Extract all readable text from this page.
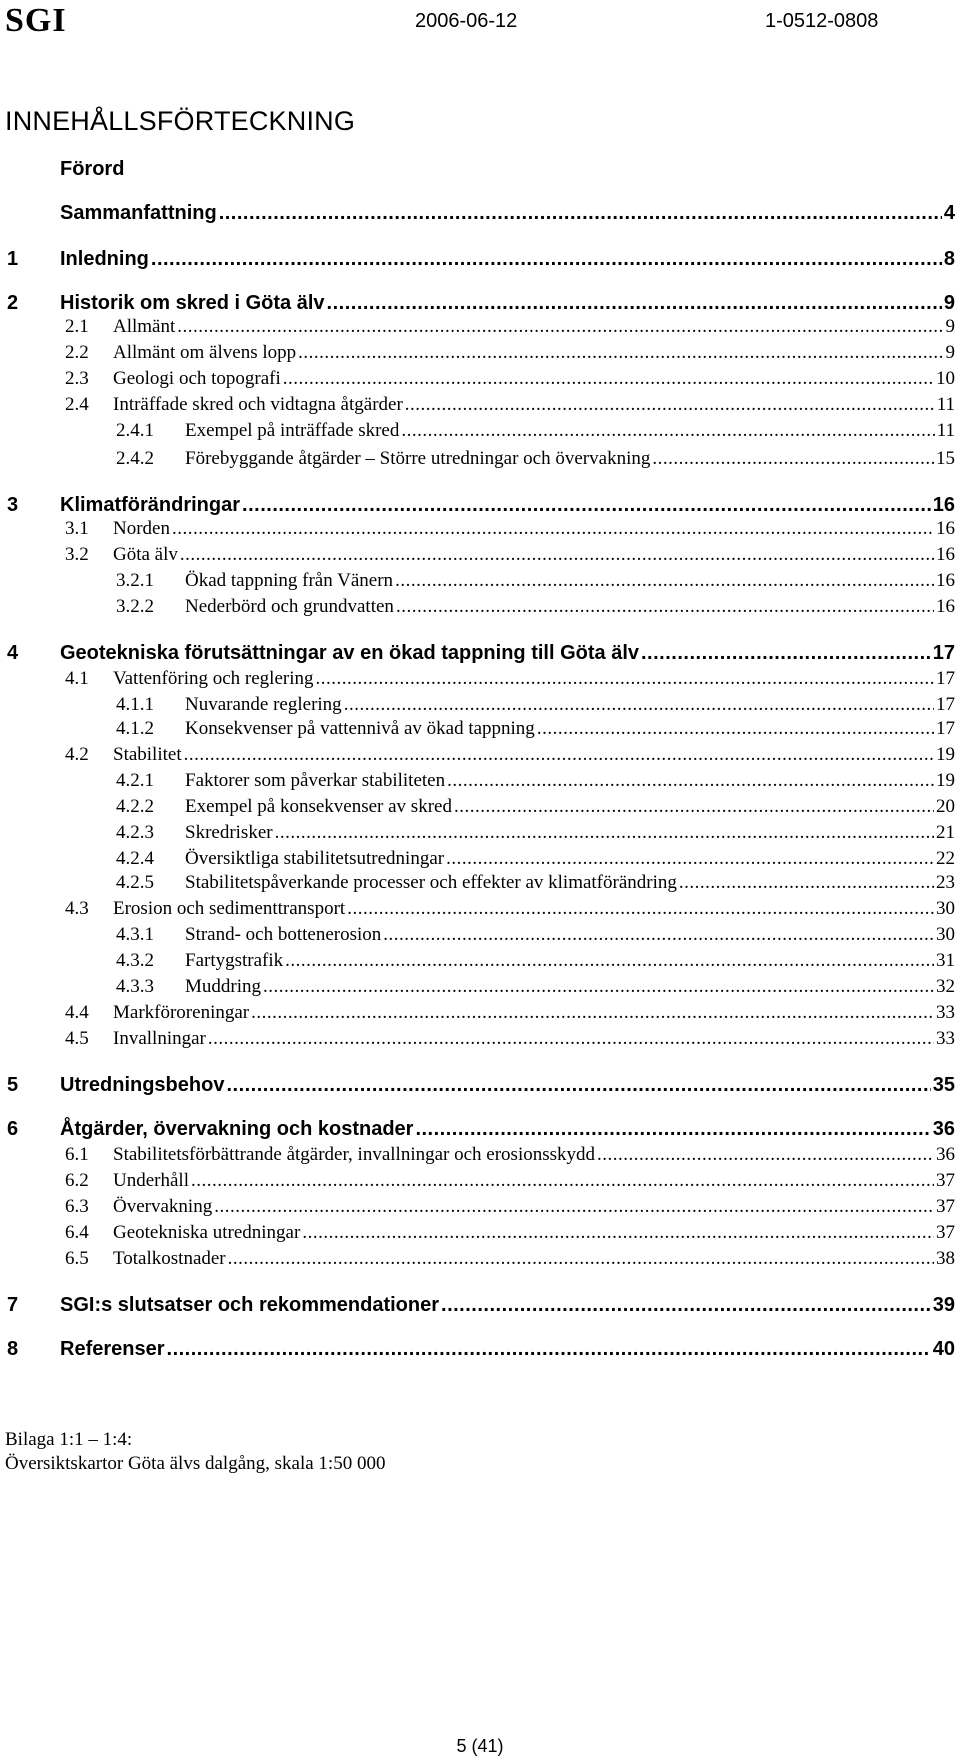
SGI	2006-06-12	1-0512-0808
INNEHÅLLSFÖRTECKNING
Förord
Sammanfattning .....	4
1	Inledning .....	8
2	Historik om skred i Göta älv .....	9
2.1	Allmänt .....	9
2.2	Allmänt om älvens lopp .....	9
2.3	Geologi och topografi .....	10
2.4	Inträffade skred och vidtagna åtgärder .....	11
2.4.1	Exempel på inträffade skred .....	11
2.4.2	Förebyggande åtgärder – Större utredningar och övervakning .....	15
3	Klimatförändringar .....	16
3.1	Norden .....	16
3.2	Göta älv .....	16
3.2.1	Ökad tappning från Vänern .....	16
3.2.2	Nederbörd och grundvatten .....	16
4	Geotekniska förutsättningar av en ökad tappning till Göta älv .....	17
4.1	Vattenföring och reglering .....	17
4.1.1	Nuvarande reglering .....	17
4.1.2	Konsekvenser på vattennivå av ökad tappning .....	17
4.2	Stabilitet .....	19
4.2.1	Faktorer som påverkar stabiliteten .....	19
4.2.2	Exempel på konsekvenser av skred .....	20
4.2.3	Skredrisker .....	21
4.2.4	Översiktliga stabilitetsutredningar .....	22
4.2.5	Stabilitetspåverkande processer och effekter av klimatförändring .....	23
4.3	Erosion och sedimenttransport .....	30
4.3.1	Strand- och bottenerosion .....	30
4.3.2	Fartygstrafik .....	31
4.3.3	Muddring .....	32
4.4	Markföroreningar .....	33
4.5	Invallningar .....	33
5	Utredningsbehov .....	35
6	Åtgärder, övervakning och kostnader .....	36
6.1	Stabilitetsförbättrande åtgärder, invallningar och erosionsskydd .....	36
6.2	Underhåll .....	37
6.3	Övervakning .....	37
6.4	Geotekniska utredningar .....	37
6.5	Totalkostnader .....	38
7	SGI:s slutsatser och rekommendationer .....	39
8	Referenser .....	40
Bilaga 1:1 – 1:4:
Översiktskartor Göta älvs dalgång, skala 1:50 000
5 (41)
